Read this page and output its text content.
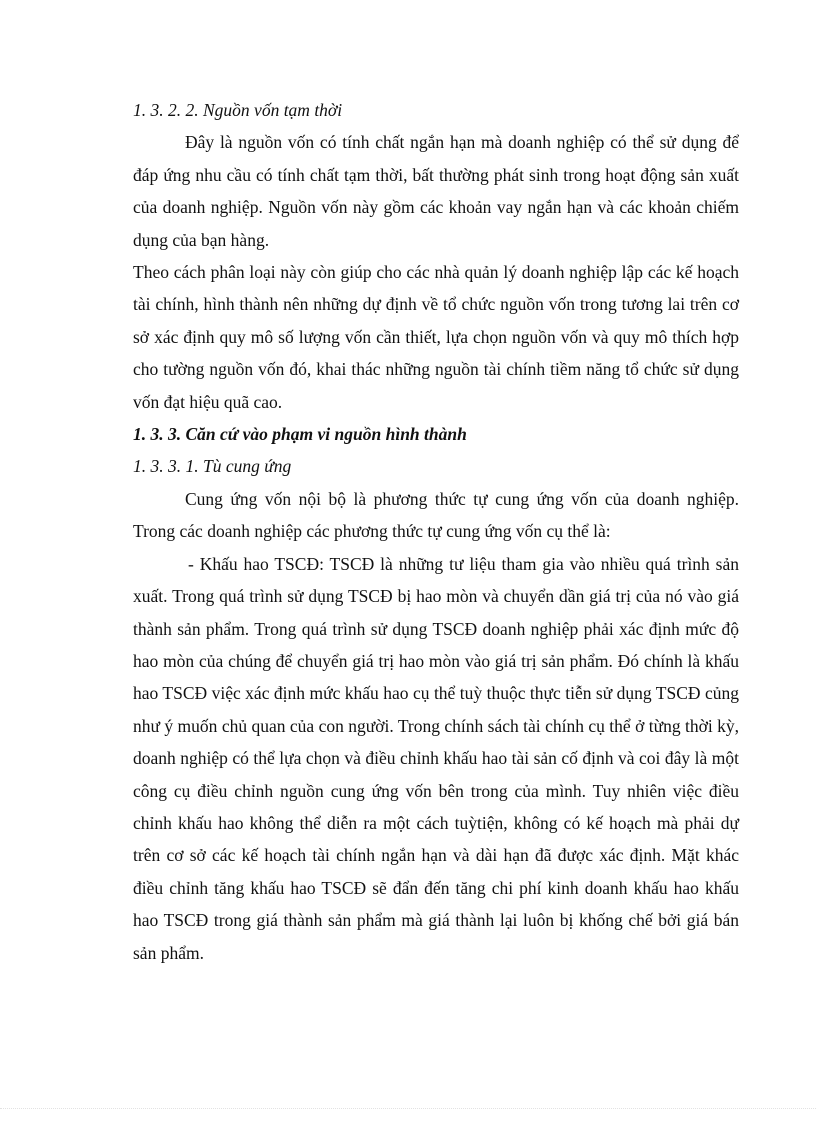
1. 3. 2. 2. Nguồn vốn tạm thời

Đây là nguồn vốn có tính chất ngắn hạn mà doanh nghiệp có thể sử dụng để đáp ứng nhu cầu có tính chất tạm thời, bất thường phát sinh trong hoạt động sản xuất của doanh nghiệp. Nguồn vốn này gồm các khoản vay ngắn hạn và các khoản chiếm dụng của bạn hàng.

Theo cách phân loại này còn giúp cho các nhà quản lý doanh nghiệp lập các kế hoạch tài chính, hình thành nên những dự định về tổ chức nguồn vốn trong tương lai trên cơ sở xác định quy mô số lượng vốn cần thiết, lựa chọn nguồn vốn và quy mô thích hợp cho tường nguồn vốn đó, khai thác những nguồn tài chính tiềm năng tổ chức sử dụng vốn đạt hiệu quã cao.

1. 3. 3. Căn cứ vào phạm vi nguồn hình thành

1. 3. 3. 1. Tù cung ứng

Cung ứng vốn nội bộ là phương thức tự cung ứng vốn của doanh nghiệp. Trong các doanh nghiệp các phương thức tự cung ứng vốn cụ thể là:

- Khấu hao TSCĐ: TSCĐ là những tư liệu tham gia vào nhiều quá trình sản xuất. Trong quá trình sử dụng TSCĐ bị hao mòn và chuyển dần giá trị của nó vào giá thành sản phẩm. Trong quá trình sử dụng TSCĐ doanh nghiệp phải xác định mức độ hao mòn của chúng để chuyển giá trị hao mòn vào giá trị sản phẩm. Đó chính là khấu hao TSCĐ việc xác định mức khấu hao cụ thể tuỳ thuộc thực tiễn sử dụng TSCĐ củng như ý muốn chủ quan của con người. Trong chính sách tài chính cụ thể ở từng thời kỳ, doanh nghiệp có thể lựa chọn và điều chỉnh khấu hao tài sản cố định và coi đây là một công cụ điều chỉnh nguồn cung ứng vốn bên trong của mình. Tuy nhiên việc điều chỉnh khấu hao không thể diễn ra một cách tuỳtiện, không có kế hoạch mà phải dự trên cơ sở các kế hoạch tài chính ngắn hạn và dài hạn đã được xác định. Mặt khác điều chỉnh tăng khấu hao TSCĐ sẽ đẩn đến tăng chi phí kinh doanh khấu hao khấu hao TSCĐ trong giá thành sản phẩm mà giá thành lại luôn bị khống chế bởi giá bán sản phẩm.
